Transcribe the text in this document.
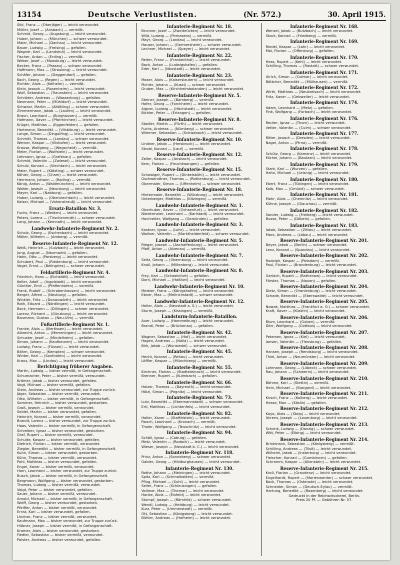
13154	Deutsche Verlustlisten.	(Nr. 572.)	30. April 1915.
Sibl, Franz — (Oberjäger) — leicht verwundet.
Müller, Josef — (Ansbach) — vermißt.
Schmid, Georg — (Augsburg) — leicht verwundet.
Huber, Johann — (München) — schwer verwundet.
Maier, Michael — (Dachau) — leicht verwundet.
Bauer, Ludwig — (Freising) — gefallen.
Wagner, Karl — (Landshut) — leicht verwundet.
Fischer, Anton — (Erding) — vermißt.
Weber, Josef — (Moosburg) — leicht verwundet.
Becker, Franz — (Passau) — schwer verwundet.
Hoffmann, Max — (Straubing) — leicht verwundet.
Schäfer, Johann — (Deggendorf) — gefallen.
Koch, Georg — (Regen) — leicht verwundet.
Richter, Alois — (Kelheim) — vermißt.
Klein, Joseph — (Rosenheim) — leicht verwundet.
Wolf, Sebastian — (Traunstein) — leicht verwundet.
Schröder, Andreas — (Wasserburg) — gefallen.
Neumann, Peter — (Mühldorf) — leicht verwundet.
Schwarz, Martin — (Altötting) — schwer verwundet.
Zimmermann, Jakob — (Laufen) — leicht verwundet.
Braun, Leonhard — (Burghausen) — vermißt.
Hofmann, Xaver — (Pfarrkirchen) — leicht verwundet.
Krüger, Matthias — (Eggenfelden) — gefallen.
Hartmann, Benedikt — (Vilsbiburg) — leicht verwundet.
Lange, Simon — (Dingolfing) — leicht verwundet.
Schmitt, Thomas — (Landau) — schwer verwundet.
Werner, Kaspar — (Vilshofen) — leicht verwundet.
Krause, Wolfgang — (Wegscheid) — vermißt.
Meier, Florian — (Wolfstein) — leicht verwundet.
Lehmann, Ignaz — (Grafenau) — gefallen.
Schmid, Valentin — (Zwiesel) — leicht verwundet.
Schulz, Konrad — (Viechtach) — leicht verwundet.
Maier, Rupert — (Kötzting) — schwer verwundet.
Köhler, Georg — (Cham) — leicht verwundet.
Herrmann, Johann — (Roding) — vermißt.
König, Anton — (Waldmünchen) — leicht verwundet.
Walter, Joseph — (Neunburg) — leicht verwundet.
Mayer, Karl — (Nabburg) — gefallen.
Huber, Ludwig — (Oberviechtach) — leicht verwundet.
Kaiser, Michael — (Vohenstrauß) — leicht verwundet.
Ersatz-Bataillon Nr. 3.
Fuchs, Franz — (Weiden) — leicht verwundet.
Peters, Lorenz — (Tirschenreuth) — schwer verwundet.
Lang, Johann — (Kemnath) — leicht verwundet.
Landwehr-Infanterie-Regiment Nr. 2.
Scholz, Georg — (Eschenbach) — leicht verwundet.
Möller, Wilhelm — (Amberg) — vermißt.
Reserve-Infanterie-Regiment Nr. 12.
Weiß, Heinrich — (Sulzbach) — leicht verwundet.
Jung, August — (Neumarkt) — gefallen.
Hahn, Otto — (Parsberg) — leicht verwundet.
Schubert, Paul — (Riedenburg) — leicht verwundet.
Vogel, Ernst — (Beilngries) — schwer verwundet.
Feldartillerie-Regiment Nr. 4.
Friedrich, Hans — (Eichstätt) — leicht verwundet.
Keller, Adolf — (Ingolstadt) — leicht verwundet.
Günther, Emil — (Pfaffenhofen) — vermißt.
Frank, Rudolf — (Schrobenhausen) — leicht verwundet.
Berger, Alfred — (Neuburg) — gefallen.
Winkler, Fritz — (Donauwörth) — leicht verwundet.
Roth, Eduard — (Nördlingen) — leicht verwundet.
Beck, Hermann — (Dillingen) — schwer verwundet.
Lorenz, Richard — (Günzburg) — leicht verwundet.
Baumann, Gustav — (Neu-Ulm) — vermißt.
Fußartillerie-Regiment Nr. 1.
Franke, Alois — (Illertissen) — leicht verwundet.
Albrecht, Anton — (Memmingen) — leicht verwundet.
Schuster, Josef — (Mindelheim) — gefallen.
Simon, Johann — (Kaufbeuren) — leicht verwundet.
Ludwig, Franz — (Füssen) — leicht verwundet.
Böhm, Georg — (Kempten) — schwer verwundet.
Winter, Karl — (Sonthofen) — leicht verwundet.
Kraus, Max — (Lindau) — leicht verwundet.
Berichtigung früherer Angaben.
Martin, Ludwig — bisher vermißt, in Gefangenschaft.
Schumacher, Peter — bisher vermißt, verwundet.
Krämer, Jakob — bisher verwundet, gefallen.
Vogt, Michael — bisher vermißt, gefallen.
Stein, Andreas — bisher verwundet, zur Truppe zurück.
Jäger, Sebastian — bisher vermißt, verwundet.
Otto, Wilhelm — bisher vermißt, in Gefangenschaft.
Sommer, Heinrich — bisher verwundet, gestorben.
Groß, Joseph — bisher vermißt, verwundet.
Seidel, Martin — bisher verwundet, gefallen.
Heinrich, Konrad — bisher vermißt, verwundet.
Brandt, Lorenz — bisher verwundet, zur Truppe zurück.
Haas, Valentin — bisher vermißt, in Gefangenschaft.
Schreiber, Ignaz — bisher verwundet, gestorben.
Graf, Rupert — bisher vermißt, verwundet.
Schulte, Kaspar — bisher verwundet, gefallen.
Dietrich, Florian — bisher vermißt, verwundet.
Ziegler, Benedikt — bisher vermißt, in Gefangenschaft.
Kuhn, Simon — bisher verwundet, gestorben.
Kühn, Thomas — bisher vermißt, verwundet.
Pohl, Matthias — bisher verwundet, gefallen.
Engel, Xaver — bisher vermißt, verwundet.
Horn, Leonhard — bisher verwundet, zur Truppe zurück.
Busch, Jakob — bisher vermißt, in Gefangenschaft.
Bergmann, Wolfgang — bisher verwundet, gestorben.
Thomas, Ludwig — bisher vermißt, verwundet.
Voigt, Peter — bisher verwundet, gefallen.
Sauer, Johann — bisher vermißt, verwundet.
Arnold, Michael — bisher vermißt, in Gefangenschaft.
Wolff, Georg — bisher verwundet, gestorben.
Pfeiffer, Anton — bisher vermißt, verwundet.
Ernst, Karl — bisher verwundet, gefallen.
Lindner, Franz — bisher vermißt, verwundet.
Kaufmann, Max — bisher verwundet, zur Truppe zurück.
Hübner, Joseph — bisher vermißt, in Gefangenschaft.
Kramer, Alois — bisher verwundet, gestorben.
Fiedler, Sebastian — bisher vermißt, verwundet.
Polster, Andreas — bisher verwundet, gefallen.
Infanterie-Regiment Nr. 18.
Brunner, Josef — (Zweibrücken) — leicht verwundet.
Wild, Ludwig — (Pirmasens) — vermißt.
Mayr, Georg — (Landau) — leicht verwundet.
Hauser, Johann — (Germersheim) — schwer verwundet.
Lechner, Michael — (Speyer) — leicht verwundet.
Infanterie-Regiment Nr. 22.
Reiter, Franz — (Frankenthal) — leicht verwundet.
Bach, Anton — (Ludwigshafen) — gefallen.
Eder, Karl — (Neustadt) — leicht verwundet.
Infanterie-Regiment Nr. 23.
Moser, Alois — (Kaiserslautern) — leicht verwundet.
Pichler, Johann — (Kusel) — schwer verwundet.
Gruber, Max — (Kirchheimbolanden) — leicht verwundet.
Reserve-Infanterie-Regiment Nr. 5.
Steiner, Joseph — (Bamberg) — vermißt.
Hofer, Georg — (Forchheim) — leicht verwundet.
Aigner, Ludwig — (Höchstadt) — leicht verwundet.
Bichler, Peter — (Erlangen) — gefallen.
Reserve-Infanterie-Regiment Nr. 8.
Stadler, Martin — (Fürth) — leicht verwundet.
Fuchs, Andreas — (Nürnberg) — schwer verwundet.
Wimmer, Sebastian — (Schwabach) — leicht verwundet.
Reserve-Infanterie-Regiment Nr. 10.
Lindner, Jakob — (Hersbruck) — leicht verwundet.
Strobl, Konrad — (Lauf) — vermißt.
Reserve-Infanterie-Regiment Nr. 12.
Zeller, Kaspar — (Ansbach) — leicht verwundet.
Kern, Florian — (Feuchtwangen) — gefallen.
Reserve-Infanterie-Regiment Nr. 15.
Schwaiger, Rupert — (Dinkelsbühl) — leicht verwundet.
Gschwendtner, Thomas — (Rothenburg) — leicht verwundet.
Obermaier, Simon — (Uffenheim) — schwer verwundet.
Reserve-Infanterie-Regiment Nr. 18.
Hintermaier, Benedikt — (Würzburg) — leicht verwundet.
Unterberger, Matthias — (Kitzingen) — vermißt.
Landwehr-Infanterie-Regiment Nr. 1.
Oberhuber, Xaver — (Ochsenfurt) — leicht verwundet.
Niedermaier, Leonhard — (Karlstadt) — leicht verwundet.
Hochreiter, Wolfgang — (Gemünden) — gefallen.
Landwehr-Infanterie-Regiment Nr. 3.
Kastner, Ignaz — (Lohr) — leicht verwundet.
Wallner, Valentin — (Marktheidenfeld) — schwer verwundet.
Landwehr-Infanterie-Regiment Nr. 5.
Rieger, Joseph — (Aschaffenburg) — leicht verwundet.
Pfaff, Anton — (Alzenau) — vermißt.
Landwehr-Infanterie-Regiment Nr. 7.
Seitz, Georg — (Obernburg) — leicht verwundet.
Knoll, Johann — (Miltenberg) — leicht verwundet.
Landwehr-Infanterie-Regiment Nr. 8.
Frey, Karl — (Schweinfurt) — gefallen.
Dorn, Michael — (Haßfurt) — leicht verwundet.
Landwehr-Infanterie-Regiment Nr. 10.
Meister, Franz — (Königshofen) — leicht verwundet.
Ebner, Max — (Mellrichstadt) — schwer verwundet.
Landwehr-Infanterie-Regiment Nr. 12.
Heller, Alois — (Neustadt a. S.) — leicht verwundet.
Sturm, Joseph — (Kissingen) — vermißt.
Landsturm-Infanterie-Bataillon.
Auer, Ludwig — (Hammelburg) — leicht verwundet.
Brandl, Peter — (Brückenau) — gefallen.
Infanterie-Regiment Nr. 42.
Wagner, Sebastian — (Hof) — leicht verwundet.
Hagen, Andreas — (Naila) — leicht verwundet.
Birk, Jakob — (Wunsiedel) — schwer verwundet.
Infanterie-Regiment Nr. 45.
Hecht, Konrad — (Rehau) — leicht verwundet.
Löffler, Kaspar — (Münchberg) — vermißt.
Infanterie-Regiment Nr. 55.
Kirchner, Florian — (Stadtsteinach) — leicht verwundet.
Brenner, Rupert — (Kulmbach) — gefallen.
Infanterie-Regiment Nr. 66.
Holzer, Thomas — (Bayreuth) — leicht verwundet.
Hölzl, Simon — (Pegnitz) — leicht verwundet.
Infanterie-Regiment Nr. 73.
Lutz, Benedikt — (Ebermannstadt) — schwer verwundet.
Ertl, Matthias — (Lichtenfels) — leicht verwundet.
Infanterie-Regiment Nr. 82.
Haller, Xaver — (Staffelstein) — leicht verwundet.
Rauch, Leonhard — (Kronach) — vermißt.
Thaler, Wolfgang — (Teuschnitz) — leicht verwundet.
Infanterie-Regiment Nr. 94.
Schöll, Ignaz — (Coburg) — gefallen.
Metz, Valentin — (Rodach) — leicht verwundet.
Wieser, Joseph — (Neustadt b. C.) — leicht verwundet.
Infanterie-Regiment Nr. 118.
Prinz, Anton — (Sonneberg) — schwer verwundet.
Gabler, Georg — (Hildburghausen) — leicht verwundet.
Infanterie-Regiment Nr. 130.
Rothe, Johann — (Meiningen) — leicht verwundet.
Spitz, Karl — (Schmalkalden) — vermißt.
Pflug, Michael — (Suhl) — leicht verwundet.
Seiler, Franz — (Schleusingen) — gefallen.
Vollmer, Max — (Themar) — leicht verwundet.
Hanke, Alois — (Eisfeld) — leicht verwundet.
Stumpf, Joseph — (Römhild) — schwer verwundet.
Wendl, Ludwig — (Heldburg) — leicht verwundet.
Kurz, Peter — (Ummerstadt) — vermißt.
Ott, Sebastian — (Königsberg) — leicht verwundet.
Bühler, Andreas — (Hofheim) — leicht verwundet.
Infanterie-Regiment Nr. 168.
Wenzel, Jakob — (Butzbach) — leicht verwundet.
Stock, Konrad — (Friedberg) — vermißt.
Infanterie-Regiment Nr. 169.
Riedel, Kaspar — (Lahr) — leicht verwundet.
Mai, Florian — (Offenburg) — gefallen.
Infanterie-Regiment Nr. 170.
Hess, Rupert — (Kehl) — leicht verwundet.
Schilling, Thomas — (Rastatt) — schwer verwundet.
Infanterie-Regiment Nr. 171.
Ulrich, Simon — (Colmar) — leicht verwundet.
Böttcher, Benedikt — (Mülhausen) — vermißt.
Infanterie-Regiment Nr. 172.
Wirth, Matthias — (Neubreisach) — leicht verwundet.
Fritz, Xaver — (Gebweiler) — leicht verwundet.
Infanterie-Regiment Nr. 174.
Adam, Leonhard — (Metz) — gefallen.
Fink, Wolfgang — (Forbach) — leicht verwundet.
Infanterie-Regiment Nr. 176.
Reuter, Ignaz — (Thorn) — leicht verwundet.
Vetter, Valentin — (Culm) — schwer verwundet.
Infanterie-Regiment Nr. 177.
Ritter, Joseph — (Dresden) — leicht verwundet.
Nagel, Anton — (Pirna) — vermißt.
Infanterie-Regiment Nr. 178.
Schütz, Georg — (Kamenz) — leicht verwundet.
Michel, Johann — (Bautzen) — leicht verwundet.
Infanterie-Regiment Nr. 179.
Stark, Karl — (Wurzen) — gefallen.
Hahn, Michael — (Leisnig) — leicht verwundet.
Infanterie-Regiment Nr. 180.
Ebert, Franz — (Tübingen) — leicht verwundet.
Kolb, Max — (Gmünd) — schwer verwundet.
Infanterie-Regiment Nr. 181.
Mohr, Alois — (Chemnitz) — leicht verwundet.
Kühne, Joseph — (Glauchau) — vermißt.
Infanterie-Regiment Nr. 182.
Sander, Ludwig — (Freiberg) — leicht verwundet.
Busse, Peter — (Döbeln) — gefallen.
Infanterie-Regiment Nr. 183.
Jakob, Sebastian — (Zittau) — leicht verwundet.
Marx, Andreas — (Löbau) — leicht verwundet.
Reserve-Infanterie-Regiment Nr. 201.
Beyer, Jakob — (Berlin) — schwer verwundet.
Lenz, Konrad — (Spandau) — leicht verwundet.
Reserve-Infanterie-Regiment Nr. 202.
Rudolph, Kaspar — (Potsdam) — vermißt.
Paul, Florian — (Brandenburg) — leicht verwundet.
Reserve-Infanterie-Regiment Nr. 203.
Gerlach, Rupert — (Rathenow) — leicht verwundet.
Förster, Thomas — (Nauen) — gefallen.
Reserve-Infanterie-Regiment Nr. 204.
Dietz, Simon — (Oranienburg) — leicht verwundet.
Schade, Benedikt — (Eberswalde) — leicht verwundet.
Reserve-Infanterie-Regiment Nr. 205.
Nowak, Matthias — (Frankfurt a. O.) — schwer verwundet.
Kraft, Xaver — (Küstrin) — leicht verwundet.
Reserve-Infanterie-Regiment Nr. 206.
Blum, Leonhard — (Guben) — vermißt.
Dörr, Wolfgang — (Cottbus) — leicht verwundet.
Reserve-Infanterie-Regiment Nr. 207.
Petersen, Ignaz — (Kiel) — leicht verwundet.
Jansen, Valentin — (Flensburg) — gefallen.
Reserve-Infanterie-Regiment Nr. 208.
Hansen, Joseph — (Rendsburg) — leicht verwundet.
Thiel, Anton — (Neumünster) — leicht verwundet.
Reserve-Infanterie-Regiment Nr. 209.
Lohmann, Georg — (Lübeck) — schwer verwundet.
Rau, Johann — (Schwerin) — leicht verwundet.
Reserve-Infanterie-Regiment Nr. 210.
Böhme, Karl — (Stettin) — vermißt.
Hein, Michael — (Stargard) — leicht verwundet.
Reserve-Infanterie-Regiment Nr. 211.
Kirsch, Franz — (Kolberg) — leicht verwundet.
Hesse, Max — (Köslin) — gefallen.
Reserve-Infanterie-Regiment Nr. 212.
Kaya, Alois — (Stolp) — leicht verwundet.
Ahrens, Joseph — (Lauenburg) — leicht verwundet.
Reserve-Infanterie-Regiment Nr. 213.
Schenk, Ludwig — (Danzig) — schwer verwundet.
Witt, Peter — (Elbing) — leicht verwundet.
Reserve-Infanterie-Regiment Nr. 214.
Brinkmann, Sebastian — (Königsberg) — vermißt.
Schilling, Andreas — (Tilsit) — leicht verwundet.
Wilhelm, Jakob — (Insterburg) — leicht verwundet.
Fleischer, Konrad — (Gumbinnen) — gefallen.
Schramm, Kaspar — (Allenstein) — leicht verwundet.
Reserve-Infanterie-Regiment Nr. 215.
Kroll, Florian — (Graudenz) — leicht verwundet.
Engelhardt, Rupert — (Marienwerder) — schwer verwundet.
Bock, Thomas — (Osterode) — leicht verwundet.
Schneider, Simon — (Deutsch-Eylau) — vermißt.
Hartung, Benedikt — (Rosenberg) — leicht verwundet.
Gedruckt in der Reichsdruckerei, Berlin.
Preis 20 Pf. — Gebühren Nr. 57.
